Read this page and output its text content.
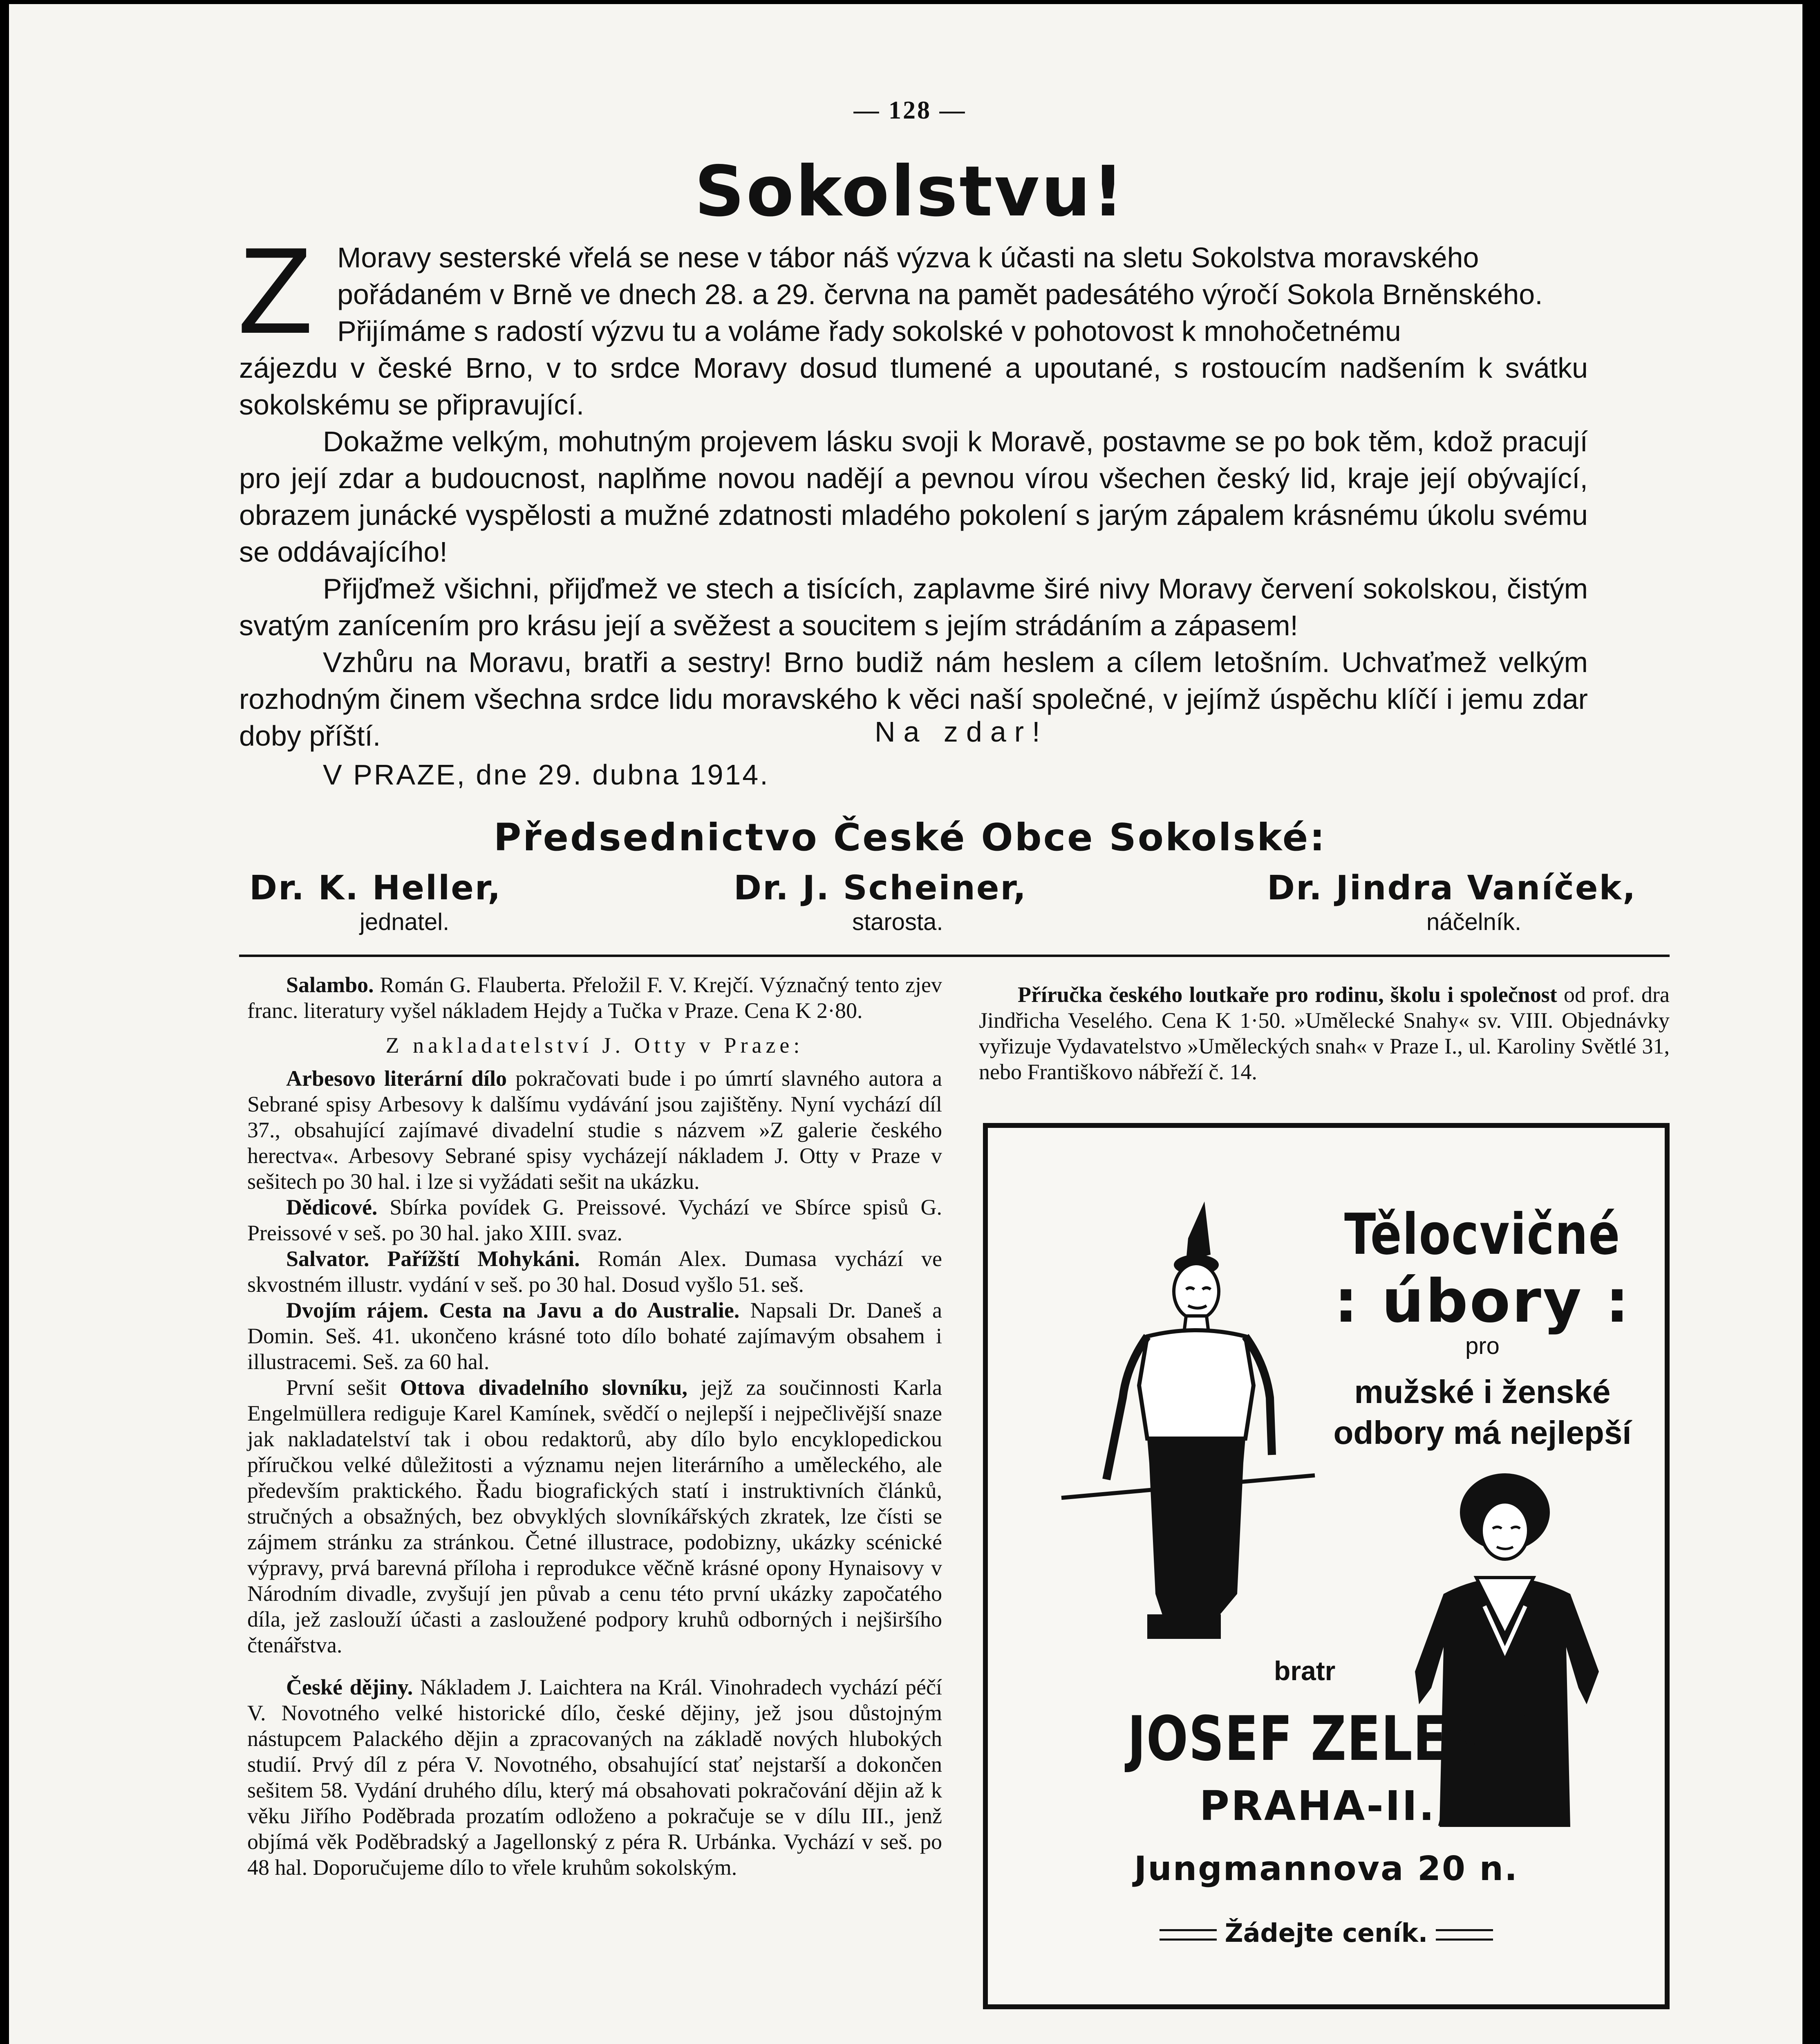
— 128 —
Sokolstvu!
Z Moravy sesterské vřelá se nese v tábor náš výzva k účasti na sletu Sokolstva moravského
pořádaném v Brně ve dnech 28. a 29. června na pamět padesátého výročí Sokola Brněnského.
Přijímáme s radostí výzvu tu a voláme řady sokolské v pohotovost k mnohočetnému

zájezdu v české Brno, v to srdce Moravy dosud tlumené a upoutané, s rostoucím nadšením k svátku sokolskému se připravující.

Dokažme velkým, mohutným projevem lásku svoji k Moravě, postavme se po bok těm, kdož pracují pro její zdar a budoucnost, naplňme novou nadějí a pevnou vírou všechen český lid, kraje její obývající, obrazem junácké vyspělosti a mužné zdatnosti mladého pokolení s jarým zápalem krásnému úkolu svému se oddávajícího!

Přijďmež všichni, přijďmež ve stech a tisících, zaplavme širé nivy Moravy červení sokolskou, čistým svatým zanícením pro krásu její a svěžest a soucitem s jejím strádáním a zápasem!

Vzhůru na Moravu, bratři a sestry! Brno budiž nám heslem a cílem letošním. Uchvaťmež velkým rozhodným činem všechna srdce lidu moravského k věci naší společné, v jejímž úspěchu klíčí i jemu zdar doby příští.	Na zdar!
V PRAZE, dne 29. dubna 1914.
Předsednictvo České Obce Sokolské:
Dr. K. Heller,
jednatel.
Dr. J. Scheiner,
starosta.
Dr. Jindra Vaníček,
náčelník.

Salambo. Román G. Flauberta. Přeložil F. V. Krejčí. Význačný tento zjev franc. literatury vyšel nákladem Hejdy a Tučka v Praze. Cena K 2·80.

Z nakladatelství J. Otty v Praze:

Arbesovo literární dílo pokračovati bude i po úmrtí slavného autora a Sebrané spisy Arbesovy k dalšímu vydávání jsou zajištěny. Nyní vychází díl 37., obsahující zajímavé divadelní studie s názvem »Z galerie českého herectva«. Arbesovy Sebrané spisy vycházejí nákladem J. Otty v Praze v sešitech po 30 hal. i lze si vyžádati sešit na ukázku.

Dědicové. Sbírka povídek G. Preissové. Vychází ve Sbírce spisů G. Preissové v seš. po 30 hal. jako XIII. svaz.

Salvator. Pařížští Mohykáni. Román Alex. Dumasa vychází ve skvostném illustr. vydání v seš. po 30 hal. Dosud vyšlo 51. seš.

Dvojím rájem. Cesta na Javu a do Australie. Napsali Dr. Daneš a Domin. Seš. 41. ukončeno krásné toto dílo bohaté zajímavým obsahem i illustracemi. Seš. za 60 hal.

První sešit Ottova divadelního slovníku, jejž za součinnosti Karla Engelmüllera rediguje Karel Kamínek, svědčí o nejlepší i nejpečlivější snaze jak nakladatelství tak i obou redaktorů, aby dílo bylo encyklopedickou příručkou velké důležitosti a významu nejen literárního a uměleckého, ale především praktického. Řadu biografických statí i instruktivních článků, stručných a obsažných, bez obvyklých slovníkářských zkratek, lze čísti se zájmem stránku za stránkou. Četné illustrace, podobizny, ukázky scénické výpravy, prvá barevná příloha i reprodukce věčně krásné opony Hynaisovy v Národním divadle, zvyšují jen půvab a cenu této první ukázky započatého díla, jež zaslouží účasti a zasloužené podpory kruhů odborných i nejširšího čtenářstva.

České dějiny. Nákladem J. Laichtera na Král. Vinohradech vychází péčí V. Novotného velké historické dílo, české dějiny, jež jsou důstojným nástupcem Palackého dějin a zpracovaných na základě nových hlubokých studií. Prvý díl z péra V. Novotného, obsahující stať nejstarší a dokončen sešitem 58. Vydání druhého dílu, který má obsahovati pokračování dějin až k věku Jiřího Poděbrada prozatím odloženo a pokračuje se v dílu III., jenž objímá věk Poděbradský a Jagellonský z péra R. Urbánka. Vychází v seš. po 48 hal. Doporučujeme dílo to vřele kruhům sokolským.

Příručka českého loutkaře pro rodinu, školu i společnost od prof. dra Jindřicha Veselého. Cena K 1·50. »Umělecké Snahy« sv. VIII. Objednávky vyřizuje Vydavatelstvo »Uměleckých snah« v Praze I., ul. Karoliny Světlé 31, nebo Františkovo nábřeží č. 14.

Tělocvičné
: úbory :
pro
mužské i ženské
odbory má nejlepší
bratr
JOSEF ZELENÝ
PRAHA-II.,
Jungmannova 20 n.
Žádejte ceník.
